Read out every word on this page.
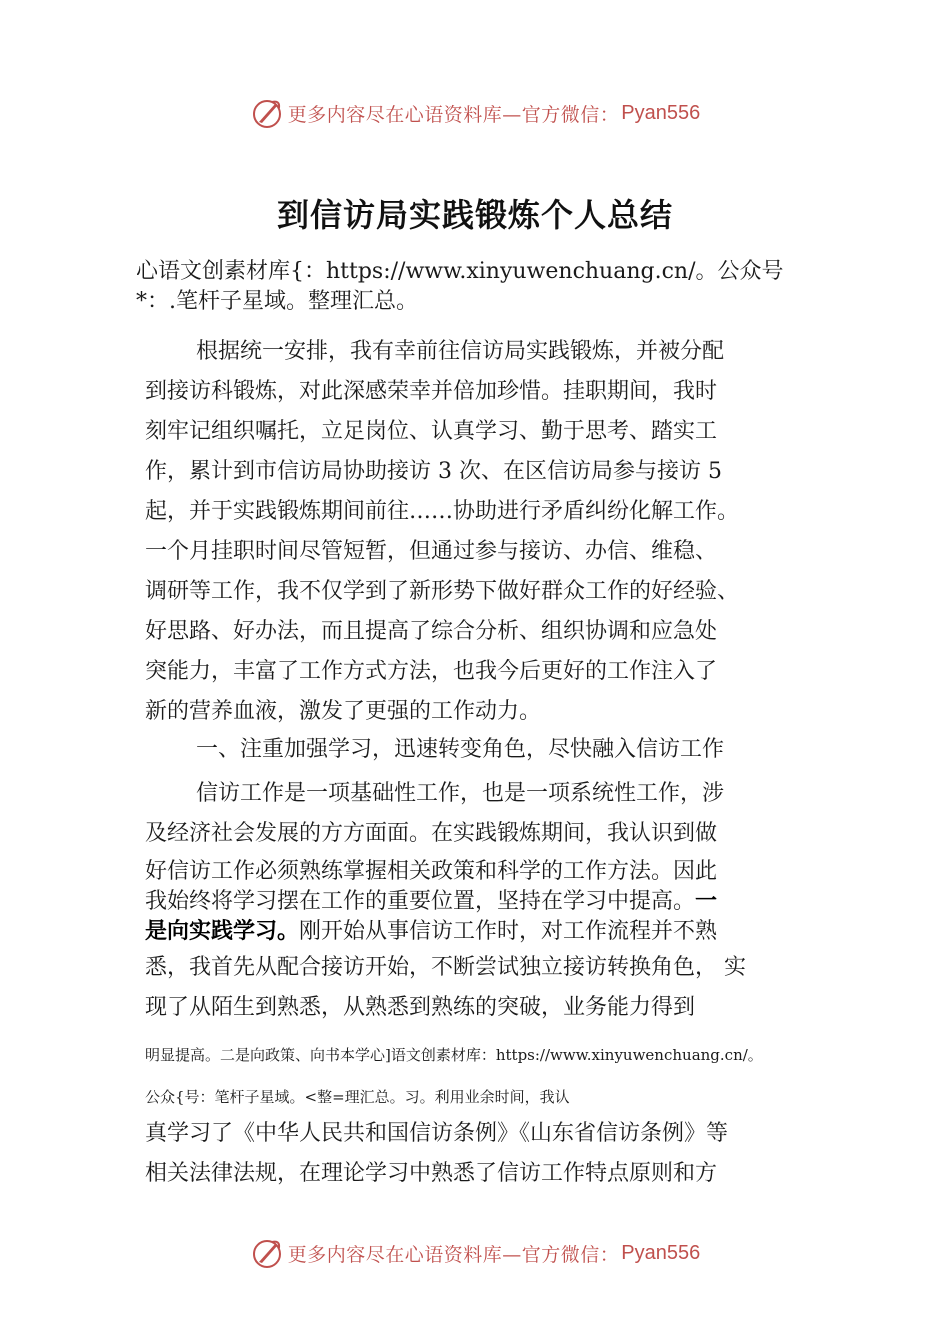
更多内容尽在心语资料库—官方微信： Pyan556
到信访局实践锻炼个人总结
心语文创素材库{：https://www.xinyuwenchuang.cn/。公众号
*：.笔杆子星域。整理汇总。
根据统一安排，我有幸前往信访局实践锻炼，并被分配
到接访科锻炼，对此深感荣幸并倍加珍惜。挂职期间，我时
刻牢记组织嘱托，立足岗位、认真学习、勤于思考、踏实工
作，累计到市信访局协助接访 3 次、在区信访局参与接访 5
起，并于实践锻炼期间前往……协助进行矛盾纠纷化解工作。
一个月挂职时间尽管短暂，但通过参与接访、办信、维稳、
调研等工作，我不仅学到了新形势下做好群众工作的好经验、
好思路、好办法，而且提高了综合分析、组织协调和应急处
突能力，丰富了工作方式方法，也我今后更好的工作注入了
新的营养血液，激发了更强的工作动力。
一、注重加强学习，迅速转变角色，尽快融入信访工作
信访工作是一项基础性工作，也是一项系统性工作，涉
及经济社会发展的方方面面。在实践锻炼期间，我认识到做
好信访工作必须熟练掌握相关政策和科学的工作方法。因此
我始终将学习摆在工作的重要位置，坚持在学习中提高。一
是向实践学习。刚开始从事信访工作时，对工作流程并不熟
悉，我首先从配合接访开始，不断尝试独立接访转换角色， 实
现了从陌生到熟悉，从熟悉到熟练的突破，业务能力得到
明显提高。二是向政策、向书本学心]语文创素材库：https://www.xinyuwenchuang.cn/。
公众{号：笔杆子星域。<整=理汇总。习。利用业余时间，我认
真学习了《中华人民共和国信访条例》《山东省信访条例》等
相关法律法规，在理论学习中熟悉了信访工作特点原则和方
更多内容尽在心语资料库—官方微信： Pyan556
